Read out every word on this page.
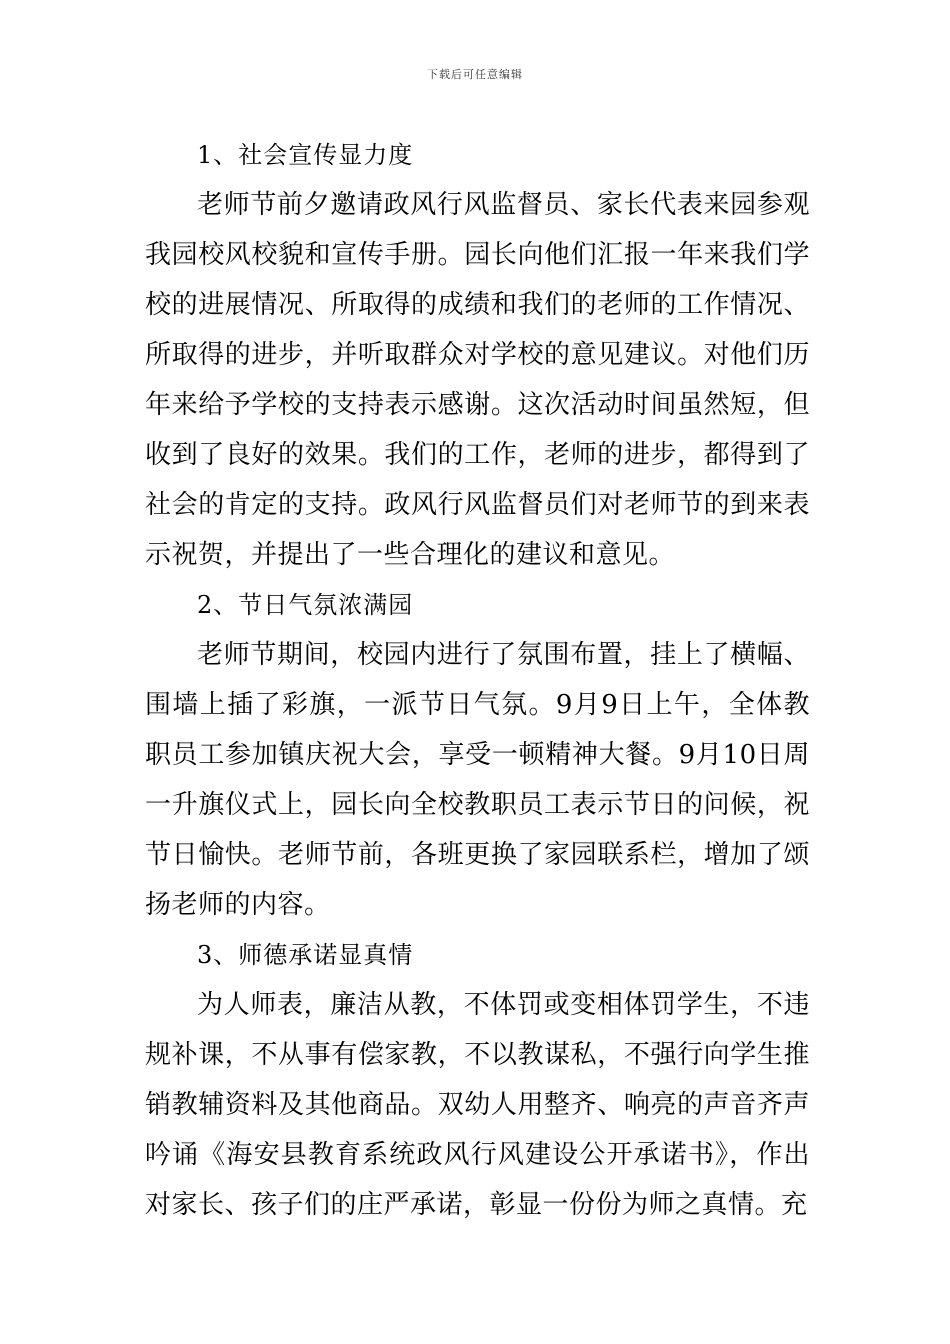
下载后可任意编辑

1、社会宣传显力度

老师节前夕邀请政风行风监督员、家长代表来园参观我园校风校貌和宣传手册。园长向他们汇报一年来我们学校的进展情况、所取得的成绩和我们的老师的工作情况、所取得的进步，并听取群众对学校的意见建议。对他们历年来给予学校的支持表示感谢。这次活动时间虽然短，但收到了良好的效果。我们的工作，老师的进步，都得到了社会的肯定的支持。政风行风监督员们对老师节的到来表示祝贺，并提出了一些合理化的建议和意见。

2、节日气氛浓满园

老师节期间，校园内进行了氛围布置，挂上了横幅、围墙上插了彩旗，一派节日气氛。9月9日上午，全体教职员工参加镇庆祝大会，享受一顿精神大餐。9月10日周一升旗仪式上，园长向全校教职员工表示节日的问候，祝节日愉快。老师节前，各班更换了家园联系栏，增加了颂扬老师的内容。

3、师德承诺显真情

为人师表，廉洁从教，不体罚或变相体罚学生，不违规补课，不从事有偿家教，不以教谋私，不强行向学生推销教辅资料及其他商品。双幼人用整齐、响亮的声音齐声吟诵《海安县教育系统政风行风建设公开承诺书》，作出对家长、孩子们的庄严承诺，彰显一份份为师之真情。充
